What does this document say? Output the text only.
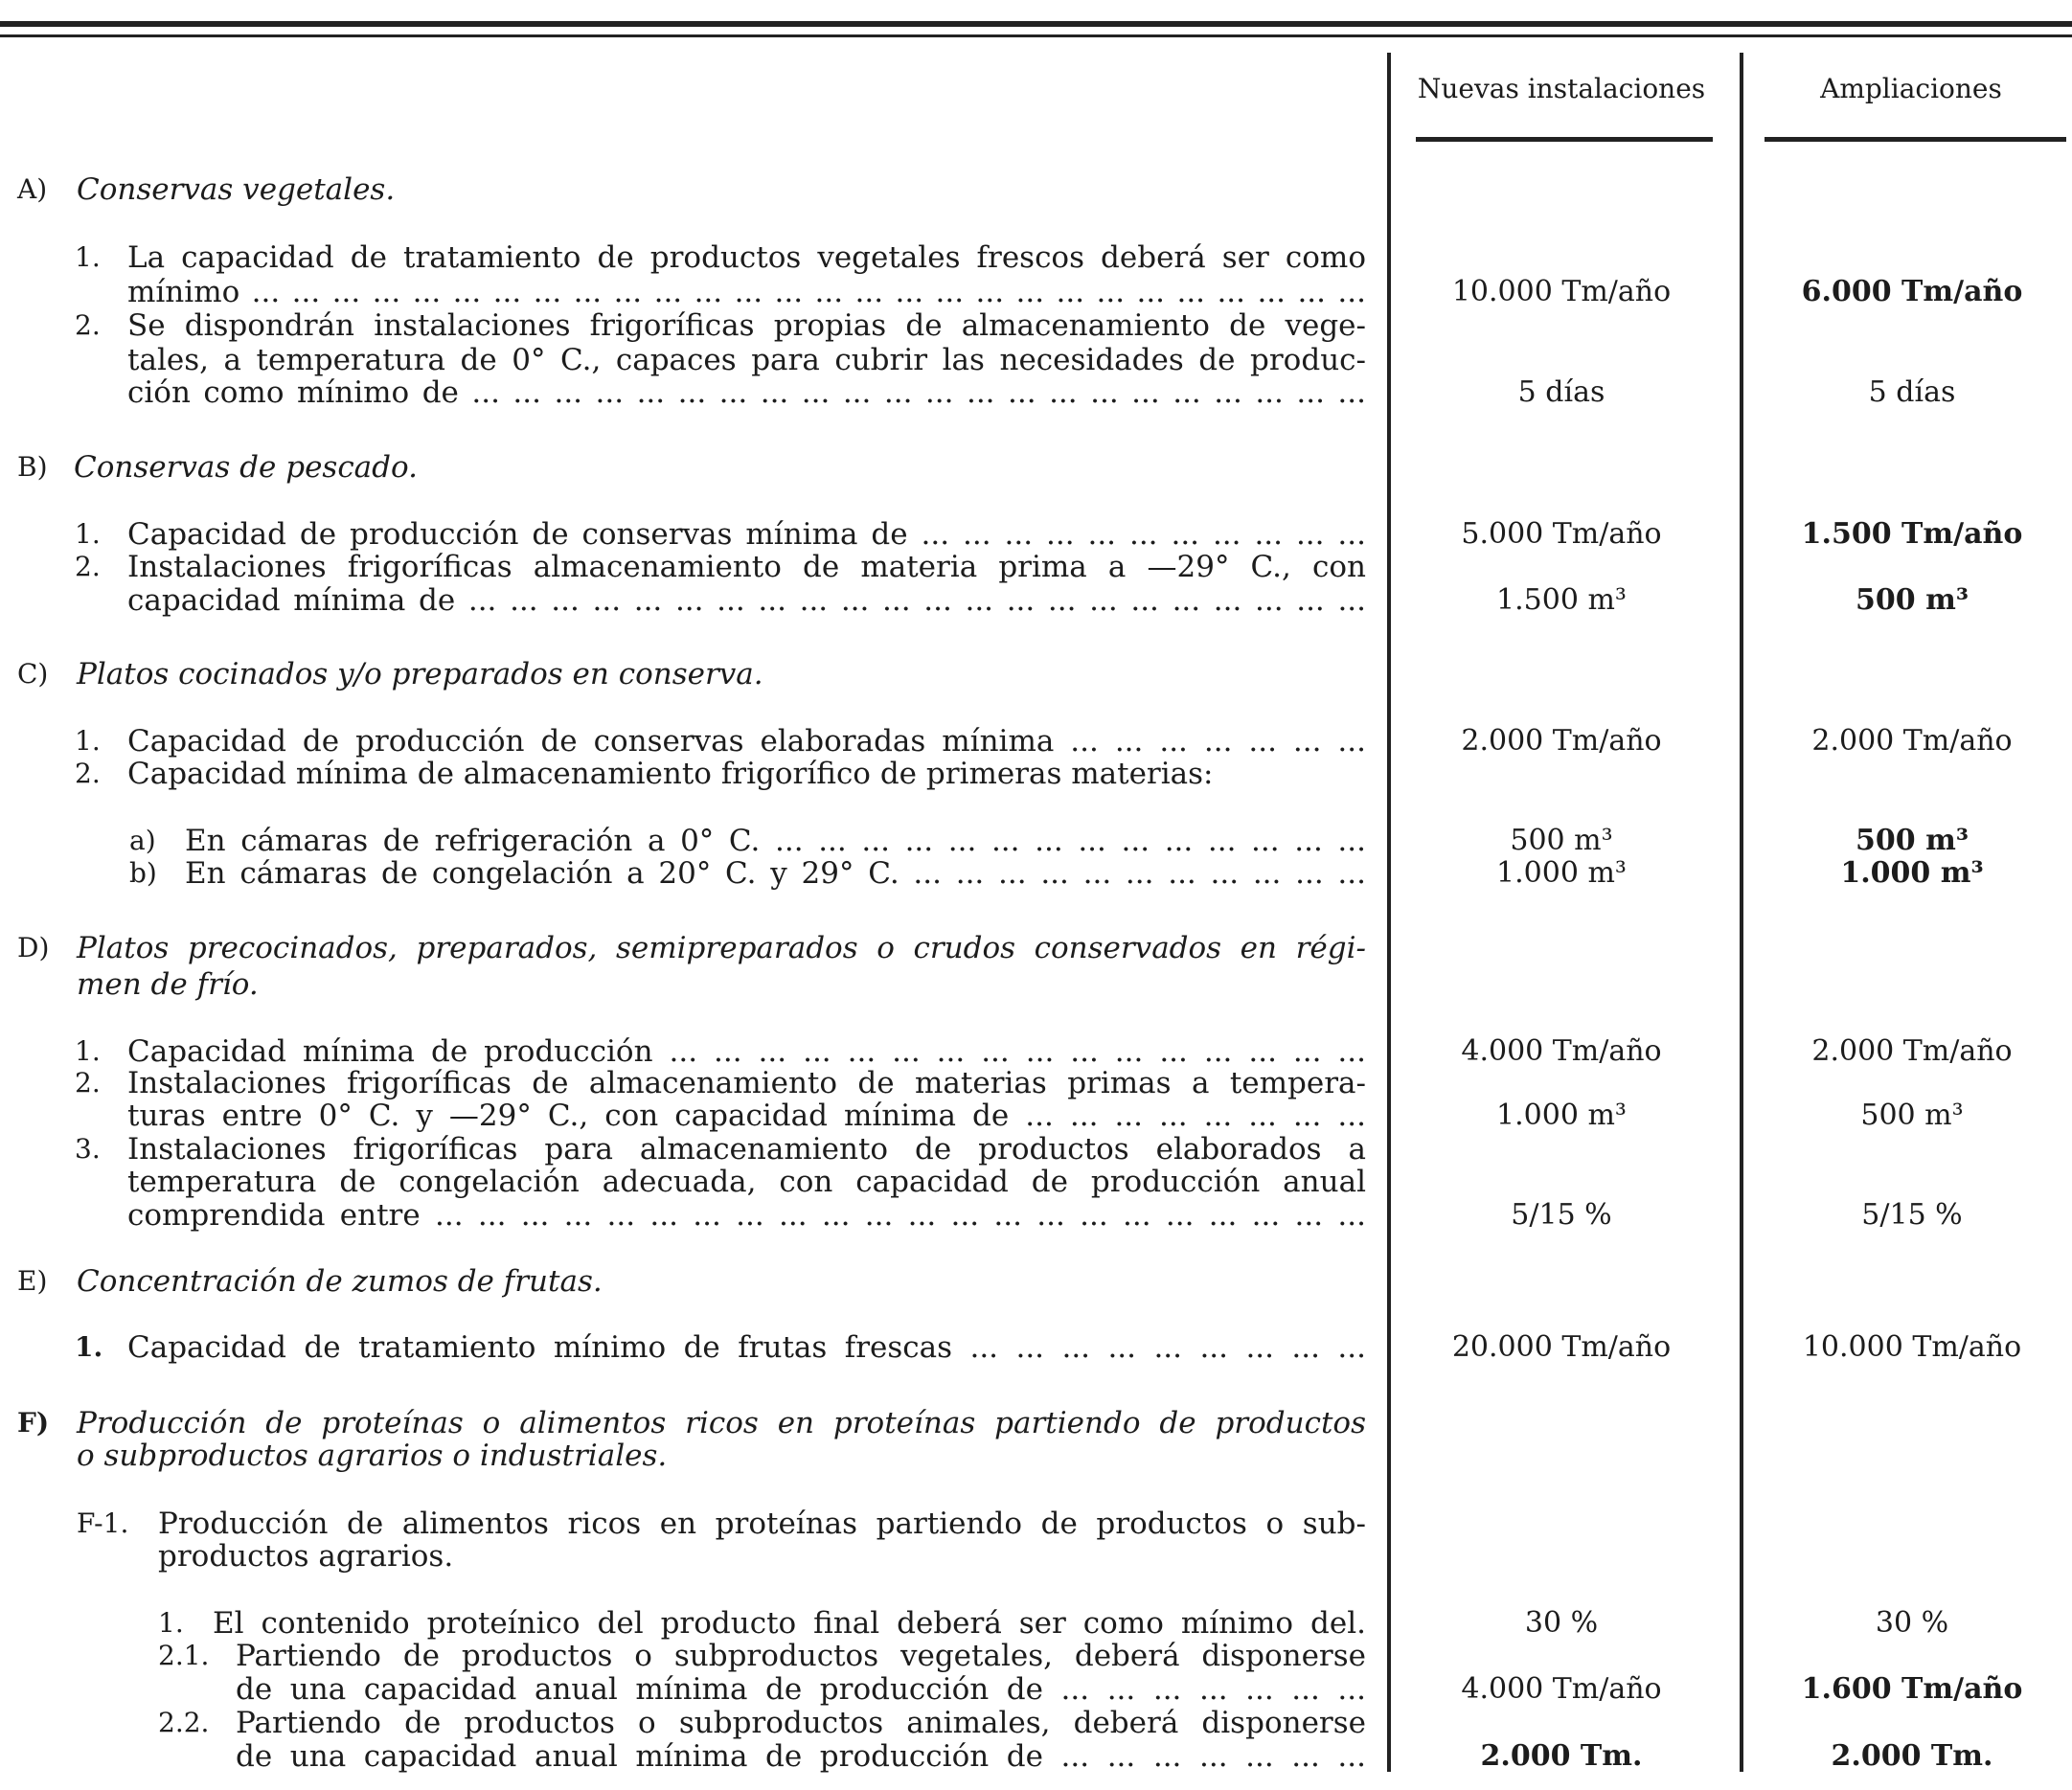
Nuevas instalaciones	Ampliaciones
A) Conservas vegetales.
1. La capacidad de tratamiento de productos vegetales frescos deberá ser como
mínimo ... ... ... ... ... ... ... ... ... ... ... ... ... ... ... ... ... ... ... ... ... ... ... ... ... ... ... ...	10.000 Tm/año	6.000 Tm/año
2. Se dispondrán instalaciones frigoríficas propias de almacenamiento de vege-
tales, a temperatura de 0° C., capaces para cubrir las necesidades de produc-
ción como mínimo de ... ... ... ... ... ... ... ... ... ... ... ... ... ... ... ... ... ... ... ... ... ...	5 días	5 días
B) Conservas de pescado.
1. Capacidad de producción de conservas mínima de ... ... ... ... ... ... ... ... ... ... ...	5.000 Tm/año	1.500 Tm/año
2. Instalaciones frigoríficas almacenamiento de materia prima a —29° C., con
capacidad mínima de ... ... ... ... ... ... ... ... ... ... ... ... ... ... ... ... ... ... ... ... ... ...	1.500 m³	500 m³
C) Platos cocinados y/o preparados en conserva.
1. Capacidad de producción de conservas elaboradas mínima ... ... ... ... ... ... ...	2.000 Tm/año	2.000 Tm/año
2. Capacidad mínima de almacenamiento frigorífico de primeras materias:
a) En cámaras de refrigeración a 0° C. ... ... ... ... ... ... ... ... ... ... ... ... ... ...	500 m³	500 m³
b) En cámaras de congelación a 20° C. y 29° C. ... ... ... ... ... ... ... ... ... ... ...	1.000 m³	1.000 m³
D) Platos precocinados, preparados, semipreparados o crudos conservados en régi-
men de frío.
1. Capacidad mínima de producción ... ... ... ... ... ... ... ... ... ... ... ... ... ... ... ...	4.000 Tm/año	2.000 Tm/año
2. Instalaciones frigoríficas de almacenamiento de materias primas a tempera-
turas entre 0° C. y —29° C., con capacidad mínima de ... ... ... ... ... ... ... ...	1.000 m³	500 m³
3. Instalaciones frigoríficas para almacenamiento de productos elaborados a
temperatura de congelación adecuada, con capacidad de producción anual
comprendida entre ... ... ... ... ... ... ... ... ... ... ... ... ... ... ... ... ... ... ... ... ... ...	5/15 %	5/15 %
E) Concentración de zumos de frutas.
1. Capacidad de tratamiento mínimo de frutas frescas ... ... ... ... ... ... ... ... ...	20.000 Tm/año	10.000 Tm/año
F) Producción de proteínas o alimentos ricos en proteínas partiendo de productos
o subproductos agrarios o industriales.
F-1. Producción de alimentos ricos en proteínas partiendo de productos o sub-
productos agrarios.
1. El contenido proteínico del producto final deberá ser como mínimo del.	30 %	30 %
2.1. Partiendo de productos o subproductos vegetales, deberá disponerse
de una capacidad anual mínima de producción de ... ... ... ... ... ... ...	4.000 Tm/año	1.600 Tm/año
2.2. Partiendo de productos o subproductos animales, deberá disponerse
de una capacidad anual mínima de producción de ... ... ... ... ... ... ...	2.000 Tm.	2.000 Tm.
